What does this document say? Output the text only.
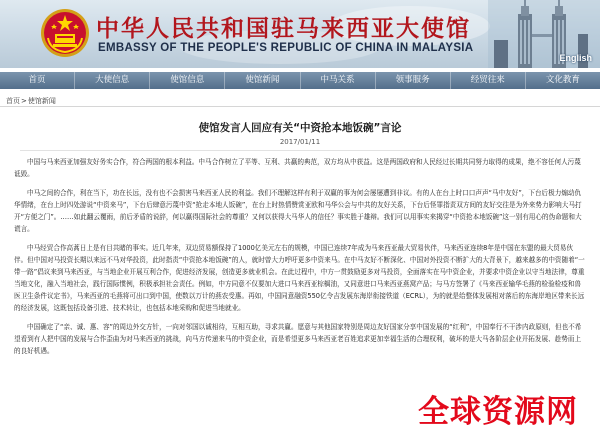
中华人民共和国驻马来西亚大使馆
EMBASSY OF THE PEOPLE'S REPUBLIC OF CHINA IN MALAYSIA
English
首页	大使信息	使馆信息	使馆新闻	中马关系	领事服务	经贸往来	文化教育
首页>使馆新闻
使馆发言人回应有关“中资抢本地饭碗”言论
2017/01/11

中国与马来西亚加强友好务实合作，符合两国的根本利益。中马合作树立了平等、互利、共赢的典范，双方均从中获益。这是两国政府和人民经过长期共同努力取得的成果，绝不容任何人污蔑诋毁。

中马之间的合作，利在当下，功在长远，没有也不会损害马来西亚人民的利益。我们不理解这样有利于双赢的事为何会屡屡遭到非议。有的人在台上时口口声声“马中友好”，下台后极力煽动仇华情绪，在台上时四处游说“中资来马”，下台后肆意污蔑中资“抢走本地人饭碗”，在台上时热情赞赏亚欧和马华公会与中共的友好关系，下台后怪罪指责双方间的友好交往是为外来势力影响大马打开“方便之门”。……如此翻云覆雨，前后矛盾的说辞，何以赢得国际社会的尊重？又何以获得大马华人的信任？事实胜于雄辩。我们可以用事实来揭穿“中资抢本地饭碗”这一别有用心的伪命题和大谎言。

中马经贸合作高蒿日上是有目共睹的事实。近几年来，双边贸易额保持了1000亿美元左右的规模，中国已连续7年成为马来西亚最大贸易伙伴，马来西亚连续8年是中国在东盟的最大贸易伙伴。但中国对马投资长期以来远不马对华投资，此时指责“中资抢本地饭碗”的人，就时曾大力呼吁更多中资来马。在中马友好不断深化、中国对外投资不断扩大的大背景下，越来越多的中资随着“一带一路”倡议来到马来西亚，与当地企业开展互利合作，促进经济发展，创造更多就业机会。在此过程中，中方一贯鼓励更多对马投资，全面落实在马中资企业，并要求中资企业以守当地法律，尊重当地文化，融入当地社会，践行国际惯例，积极承担社会责任。例如，中方同意不仅要加大进口马来西亚棕榈油，又同意进口马来西亚燕窝产品；与马方签署了《马来西亚输华毛燕的检验检疫和兽医卫生条件议定书》，马来西亚的毛燕将可出口到中国，使数以万计的燕农受惠。再如，中国同意融资550亿令吉发展东海岸衔接铁道（ECRL），为的就是给整体发展相对落后的东海岸地区带来长远的经济发展，这既包括设备引进、技术转让，也包括本地采购和促进当地就业。

中国确定了“亲、诚、惠、容”的周边外交方针，一向对邻国以诚相待，互相互助，寻求共赢。愿意与其他国家特别是周边友好国家分享中国发展的“红利”，中国奉行不干涉内政原则，但也不希望看到有人把中国的发展与合作歪曲为对马来西亚的挑战，向马方传递来马的中资企业，而是希望更多马来西亚老百姓追求更加幸福生活的合理权利，破坏的是大马各阶层企业开拓发展、趁势而上的良好机遇。

全球资源网
